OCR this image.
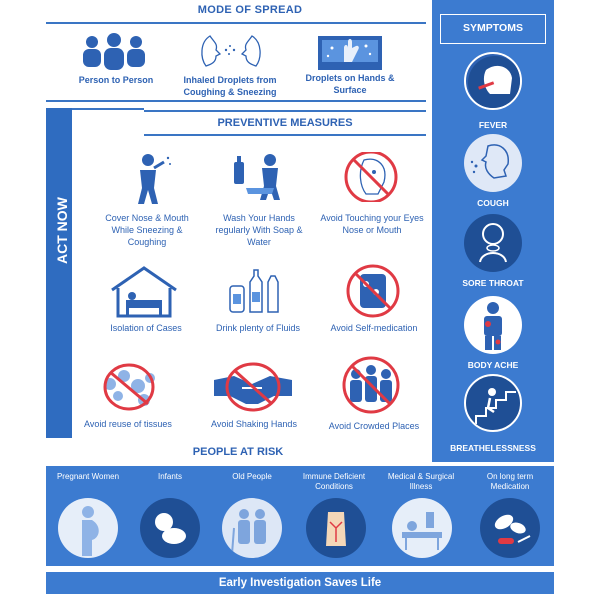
MODE OF SPREAD
Person to Person	Inhaled Droplets from Coughing & Sneezing
Droplets on Hands & Surface
SYMPTOMS
FEVER
COUGH
SORE THROAT
BODY ACHE
BREATHELESSNESS
ACT NOW
PREVENTIVE MEASURES
Cover Nose & Mouth While Sneezing & Coughing
Wash Your Hands regularly With Soap & Water
Avoid Touching your Eyes Nose or Mouth
Isolation of Cases	Drink plenty of Fluids	Avoid Self-medication
Avoid reuse of tissues	Avoid Shaking Hands	Avoid Crowded Places
PEOPLE AT RISK
Pregnant Women	Infants	Old People	Immune Deficient Conditions
Medical & Surgical Illness
On long term Medication
Early Investigation Saves Life
